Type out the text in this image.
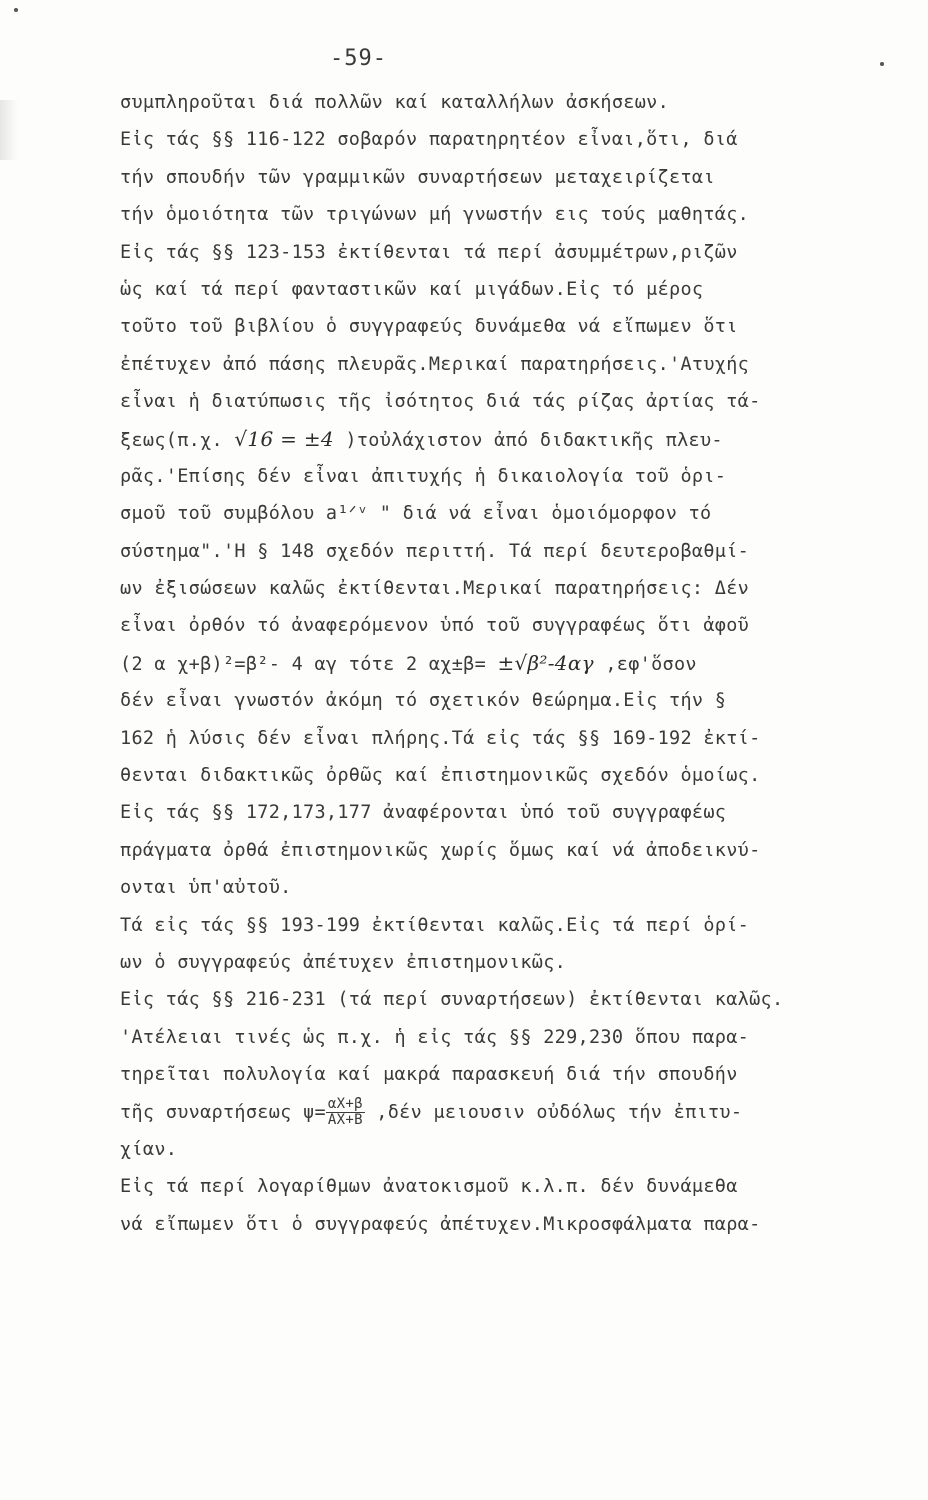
-59-
συμπληροῦται διά πολλῶν καί καταλλήλων ἀσκήσεων.
Εἰς τάς §§ 116-122 σοβαρόν παρατηρητέον εἶναι,ὅτι, διά
τήν σπουδήν τῶν γραμμικῶν συναρτήσεων μεταχειρίζεται
τήν ὁμοιότητα τῶν τριγώνων μή γνωστήν εις τούς μαθητάς.
Εἰς τάς §§ 123-153 ἐκτίθενται τά περί ἀσυμμέτρων,ριζῶν
ὡς καί τά περί φανταστικῶν καί μιγάδων.Εἰς τό μέρος
τοῦτο τοῦ βιβλίου ὁ συγγραφεύς δυνάμεθα νά εἴπωμεν ὅτι
ἐπέτυχεν ἀπό πάσης πλευρᾶς.Μερικαί παρατηρήσεις.'Ατυχής
εἶναι ἡ διατύπωσις τῆς ἰσότητος διά τάς ρίζας ἀρτίας τά-
ξεως(π.χ. √16 = ±4 )τοὐλάχιστον ἀπό διδακτικῆς πλευ-
ρᾶς.'Επίσης δέν εἶναι ἀπιτυχής ἡ δικαιολογία τοῦ ὁρι-
σμοῦ τοῦ συμβόλου a¹ᐟᵛ " διά νά εἶναι ὁμοιόμορφον τό
σύστημα".'Η § 148 σχεδόν περιττή. Τά περί δευτεροβαθμί-
ων ἐξισώσεων καλῶς ἐκτίθενται.Μερικαί παρατηρήσεις: Δέν
εἶναι ὀρθόν τό ἀναφερόμενον ὑπό τοῦ συγγραφέως ὅτι ἀφοῦ
(2 α χ+β)²=β²- 4 αγ τότε 2 αχ±β= ±√β²-4αγ ,εφ'ὅσον
δέν εἶναι γνωστόν ἀκόμη τό σχετικόν θεώρημα.Εἰς τήν §
162 ἡ λύσις δέν εἶναι πλήρης.Τά εἰς τάς §§ 169-192 ἐκτί-
θενται διδακτικῶς ὀρθῶς καί ἐπιστημονικῶς σχεδόν ὁμοίως.
Εἰς τάς §§ 172,173,177 ἀναφέρονται ὑπό τοῦ συγγραφέως
πράγματα ὀρθά ἐπιστημονικῶς χωρίς ὅμως καί νά ἀποδεικνύ-
ονται ὑπ'αὐτοῦ.
Τά εἰς τάς §§ 193-199 ἐκτίθενται καλῶς.Εἰς τά περί ὁρί-
ων ὁ συγγραφεύς ἀπέτυχεν ἐπιστημονικῶς.
Εἰς τάς §§ 216-231 (τά περί συναρτήσεων) ἐκτίθενται καλῶς.
'Ατέλειαι τινές ὡς π.χ. ἡ εἰς τάς §§ 229,230 ὅπου παρα-
τηρεῖται πολυλογία καί μακρά παρασκευή διά τήν σπουδήν
τῆς συναρτήσεως $\psi= \frac{\alpha X+\beta}{AX+B} ,\delta έ\nu$ μειουσιν οὐδόλως τήν ἐπιτυ-
χίαν.
Εἰς τά περί λογαρίθμων ἀνατοκισμοῦ κ.λ.π. δέν δυνάμεθα
νά εἴπωμεν ὅτι ὁ συγγραφεύς ἀπέτυχεν.Μικροσφάλματα παρα-
